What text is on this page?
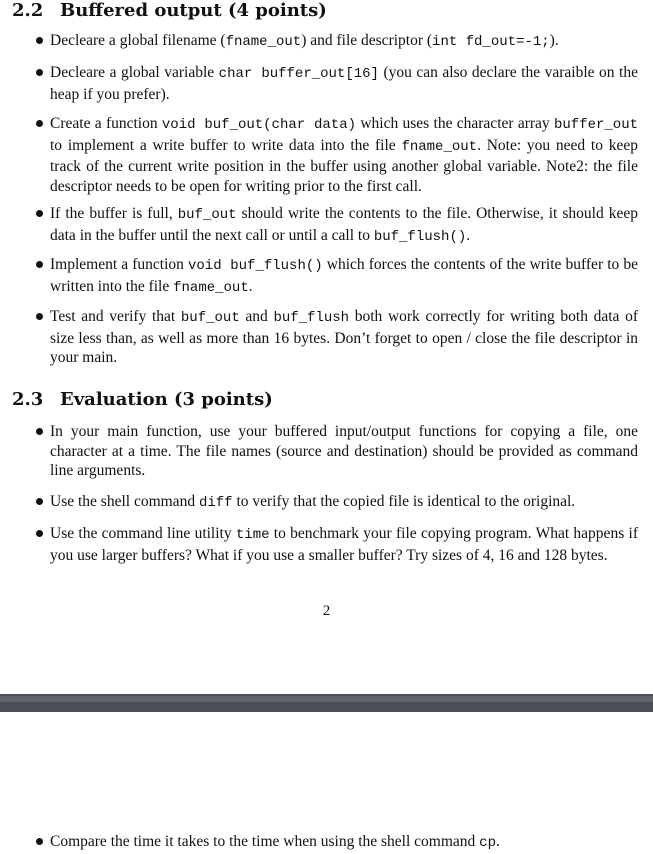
2.2 Buffered output (4 points)
Decleare a global filename (fname_out) and file descriptor (int fd_out=-1;).
Decleare a global variable char buffer_out[16] (you can also declare the varaible on the heap if you prefer).
Create a function void buf_out(char data) which uses the character array buffer_out to implement a write buffer to write data into the file fname_out. Note: you need to keep track of the current write position in the buffer using another global variable. Note2: the file descriptor needs to be open for writing prior to the first call.
If the buffer is full, buf_out should write the contents to the file. Otherwise, it should keep data in the buffer until the next call or until a call to buf_flush().
Implement a function void buf_flush() which forces the contents of the write buffer to be written into the file fname_out.
Test and verify that buf_out and buf_flush both work correctly for writing both data of size less than, as well as more than 16 bytes. Don’t forget to open / close the file descriptor in your main.
2.3 Evaluation (3 points)
In your main function, use your buffered input/output functions for copying a file, one character at a time. The file names (source and destination) should be provided as command line arguments.
Use the shell command diff to verify that the copied file is identical to the original.
Use the command line utility time to benchmark your file copying program. What happens if you use larger buffers? What if you use a smaller buffer? Try sizes of 4, 16 and 128 bytes.
2
Compare the time it takes to the time when using the shell command cp.
